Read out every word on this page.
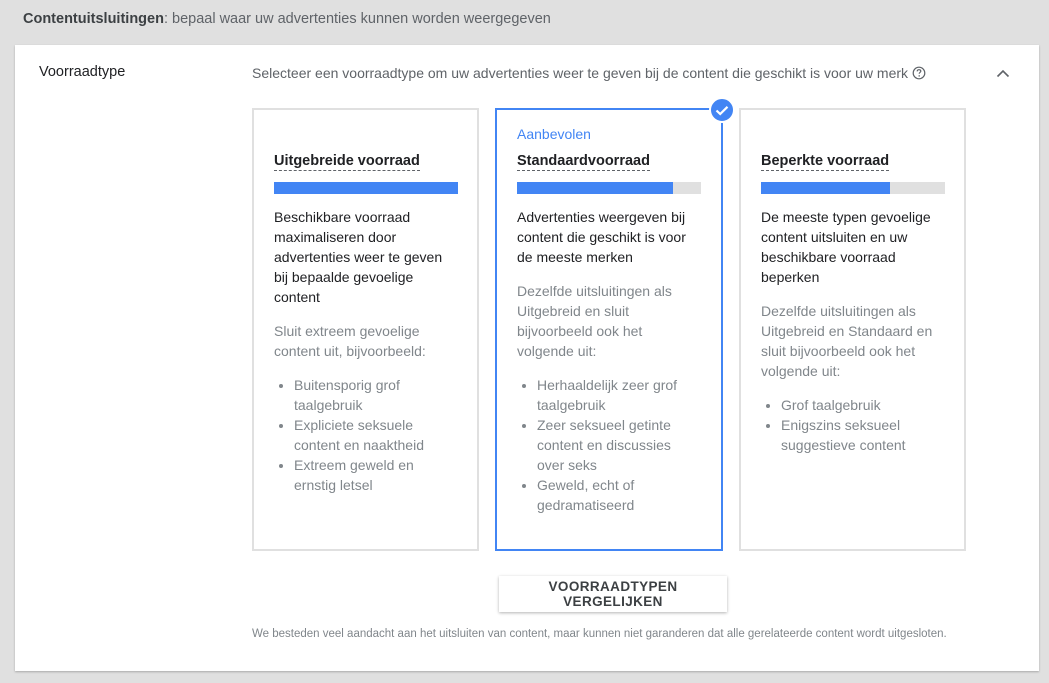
Contentuitsluitingen: bepaal waar uw advertenties kunnen worden weergegeven
Voorraadtype	Selecteer een voorraadtype om uw advertenties weer te geven bij de content die geschikt is voor uw merk
Uitgebreide voorraad
Beschikbare voorraad maximaliseren door advertenties weer te geven bij bepaalde gevoelige content

Sluit extreem gevoelige content uit, bijvoorbeeld:

• Buitensporig grof taalgebruik
• Expliciete seksuele content en naaktheid
• Extreem geweld en ernstig letsel
Aanbevolen
Standaardvoorraad
Advertenties weergeven bij content die geschikt is voor de meeste merken

Dezelfde uitsluitingen als Uitgebreid en sluit bijvoorbeeld ook het volgende uit:

• Herhaaldelijk zeer grof taalgebruik
• Zeer seksueel getinte content en discussies over seks
• Geweld, echt of gedramatiseerd
Beperkte voorraad
De meeste typen gevoelige content uitsluiten en uw beschikbare voorraad beperken

Dezelfde uitsluitingen als Uitgebreid en Standaard en sluit bijvoorbeeld ook het volgende uit:

• Grof taalgebruik
• Enigszins seksueel suggestieve content
VOORRAADTYPEN VERGELIJKEN
We besteden veel aandacht aan het uitsluiten van content, maar kunnen niet garanderen dat alle gerelateerde content wordt uitgesloten.
